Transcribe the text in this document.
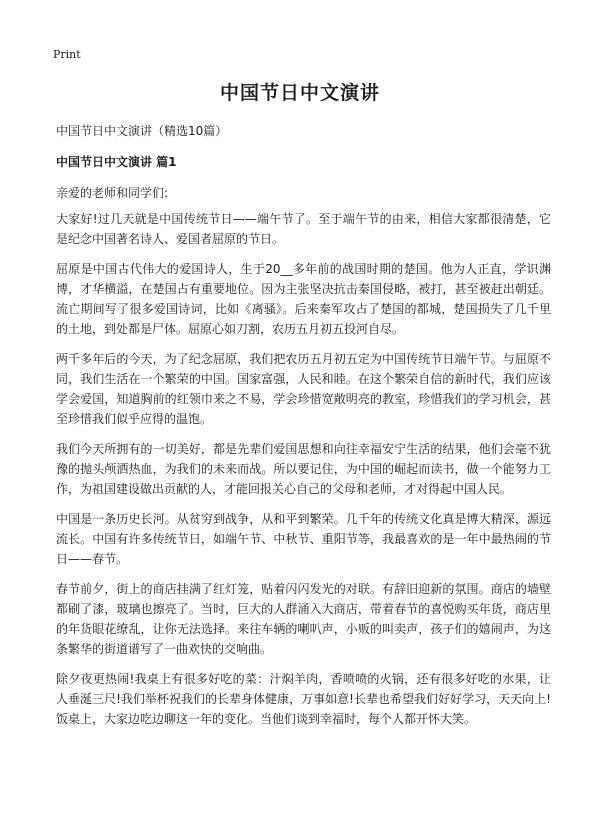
Print
中国节日中文演讲
中国节日中文演讲（精选10篇）
中国节日中文演讲 篇1
亲爱的老师和同学们:

大家好!过几天就是中国传统节日——端午节了。至于端午节的由来，相信大家都很清楚，它是纪念中国著名诗人、爱国者屈原的节日。

屈原是中国古代伟大的爱国诗人，生于20__多年前的战国时期的楚国。他为人正直，学识渊博，才华横溢，在楚国占有重要地位。因为主张坚决抗击秦国侵略，被打，甚至被赶出朝廷。流亡期间写了很多爱国诗词，比如《离骚》。后来秦军攻占了楚国的都城，楚国损失了几千里的土地，到处都是尸体。屈原心如刀割，农历五月初五投河自尽。

两千多年后的今天，为了纪念屈原，我们把农历五月初五定为中国传统节日端午节。与屈原不同，我们生活在一个繁荣的中国。国家富强，人民和睦。在这个繁荣自信的新时代，我们应该学会爱国，知道胸前的红领巾来之不易，学会珍惜宽敞明亮的教室，珍惜我们的学习机会，甚至珍惜我们似乎应得的温饱。

我们今天所拥有的一切美好，都是先辈们爱国思想和向往幸福安宁生活的结果，他们会毫不犹豫的抛头颅洒热血，为我们的未来而战。所以要记住，为中国的崛起而读书，做一个能努力工作，为祖国建设做出贡献的人，才能回报关心自己的父母和老师，才对得起中国人民。

中国是一条历史长河。从贫穷到战争，从和平到繁荣。几千年的传统文化真是博大精深，源远流长。中国有许多传统节日，如端午节、中秋节、重阳节等，我最喜欢的是一年中最热闹的节日——春节。

春节前夕，街上的商店挂满了红灯笼，贴着闪闪发光的对联。有辞旧迎新的氛围。商店的墙壁都刷了漆，玻璃也擦亮了。当时，巨大的人群涌入大商店，带着春节的喜悦购买年货，商店里的年货眼花缭乱，让你无法选择。来往车辆的喇叭声，小贩的叫卖声，孩子们的嬉闹声，为这条繁华的街道谱写了一曲欢快的交响曲。

除夕夜更热闹!我桌上有很多好吃的菜：汁焖羊肉，香喷喷的火锅，还有很多好吃的水果，让人垂涎三尺!我们举杯祝我们的长辈身体健康，万事如意!长辈也希望我们好好学习，天天向上!饭桌上，大家边吃边聊这一年的变化。当他们谈到幸福时，每个人都开怀大笑。
